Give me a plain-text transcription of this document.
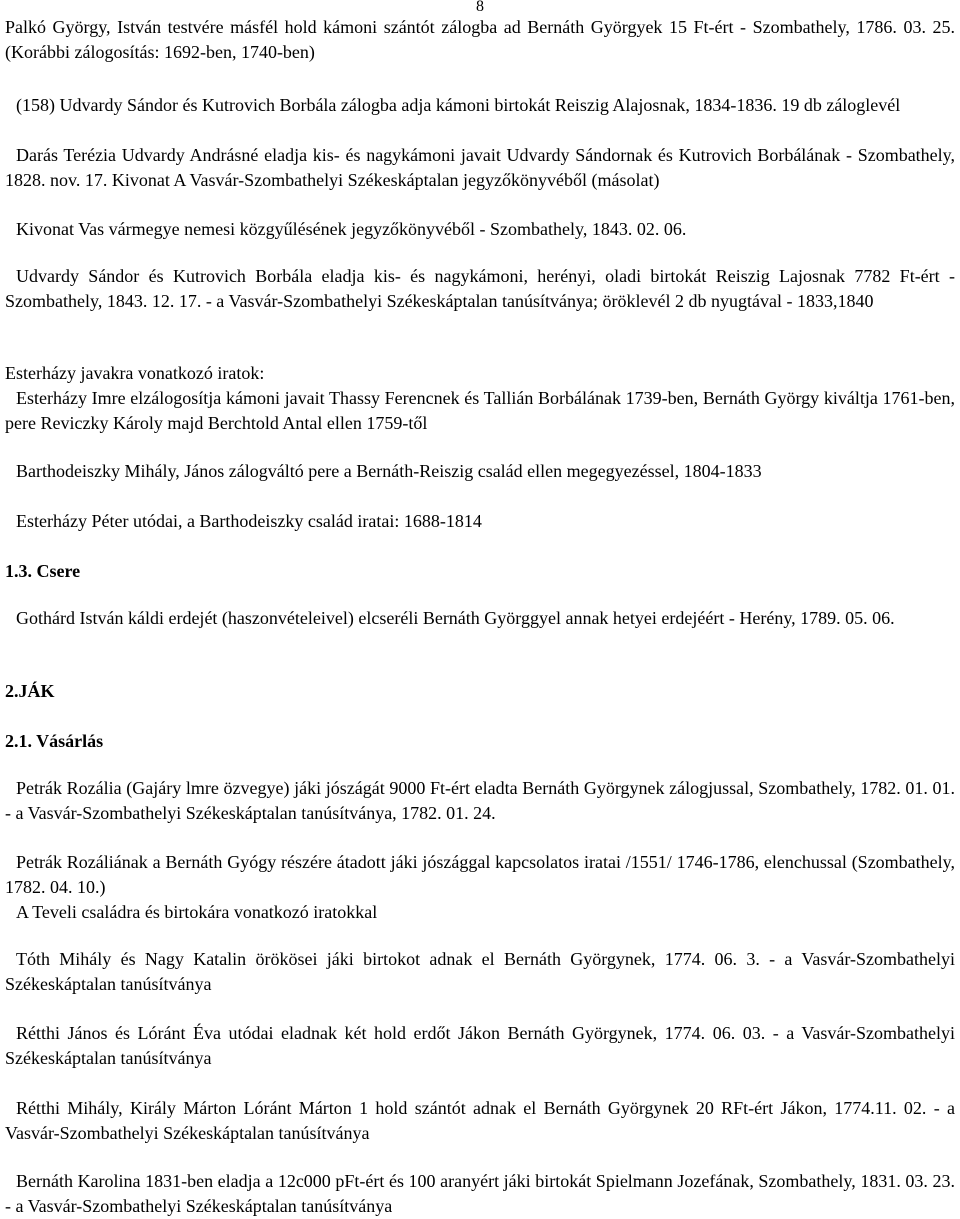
8

Palkó György, István testvére másfél hold kámoni szántót zálogba ad Bernáth Györgyek 15 Ft-ért - Szombathely, 1786. 03. 25. (Korábbi zálogosítás: 1692-ben, 1740-ben)

(158) Udvardy Sándor és Kutrovich Borbála zálogba adja kámoni birtokát Reiszig Alajosnak, 1834-1836. 19 db záloglevél

Darás Terézia Udvardy Andrásné eladja kis- és nagykámoni javait Udvardy Sándornak és Kutrovich Borbálának - Szombathely, 1828. nov. 17. Kivonat A Vasvár-Szombathelyi Székeskáptalan jegyzőkönyvéből (másolat)

Kivonat Vas vármegye nemesi közgyűlésének jegyzőkönyvéből - Szombathely, 1843. 02. 06.

Udvardy Sándor és Kutrovich Borbála eladja kis- és nagykámoni, herényi, oladi birtokát Reiszig Lajosnak 7782 Ft-ért - Szombathely, 1843. 12. 17. - a Vasvár-Szombathelyi Székeskáptalan tanúsítványa; öröklevél 2 db nyugtával - 1833,1840

Esterházy javakra vonatkozó iratok:

Esterházy Imre elzálogosítja kámoni javait Thassy Ferencnek és Tallián Borbálának 1739-ben, Bernáth György kiváltja 1761-ben, pere Reviczky Károly majd Berchtold Antal ellen 1759-től

Barthodeiszky Mihály, János zálogváltó pere a Bernáth-Reiszig család ellen megegyezéssel, 1804-1833

Esterházy Péter utódai, a Barthodeiszky család iratai: 1688-1814

1.3. Csere

Gothárd István káldi erdejét (haszonvételeivel) elcseréli Bernáth Györggyel annak hetyei erdejéért - Herény, 1789. 05. 06.

2.JÁK

2.1. Vásárlás

Petrák Rozália (Gajáry lmre özvegye) jáki jószágát 9000 Ft-ért eladta Bernáth Györgynek zálogjussal, Szombathely, 1782. 01. 01. - a Vasvár-Szombathelyi Székeskáptalan tanúsítványa, 1782. 01. 24.

Petrák Rozáliának a Bernáth Gyógy részére átadott jáki jószággal kapcsolatos iratai /1551/ 1746-1786, elenchussal (Szombathely, 1782. 04. 10.)

A Teveli családra és birtokára vonatkozó iratokkal

Tóth Mihály és Nagy Katalin örökösei jáki birtokot adnak el Bernáth Györgynek, 1774. 06. 3. - a Vasvár-Szombathelyi Székeskáptalan tanúsítványa

Rétthi János és Lóránt Éva utódai eladnak két hold erdőt Jákon Bernáth Györgynek, 1774. 06. 03. - a Vasvár-Szombathelyi Székeskáptalan tanúsítványa

Rétthi Mihály, Király Márton Lóránt Márton 1 hold szántót adnak el Bernáth Györgynek 20 RFt-ért Jákon, 1774.11. 02. - a Vasvár-Szombathelyi Székeskáptalan tanúsítványa

Bernáth Karolina 1831-ben eladja a 12c000 pFt-ért és 100 aranyért jáki birtokát Spielmann Jozefának, Szombathely, 1831. 03. 23. - a Vasvár-Szombathelyi Székeskáptalan tanúsítványa
